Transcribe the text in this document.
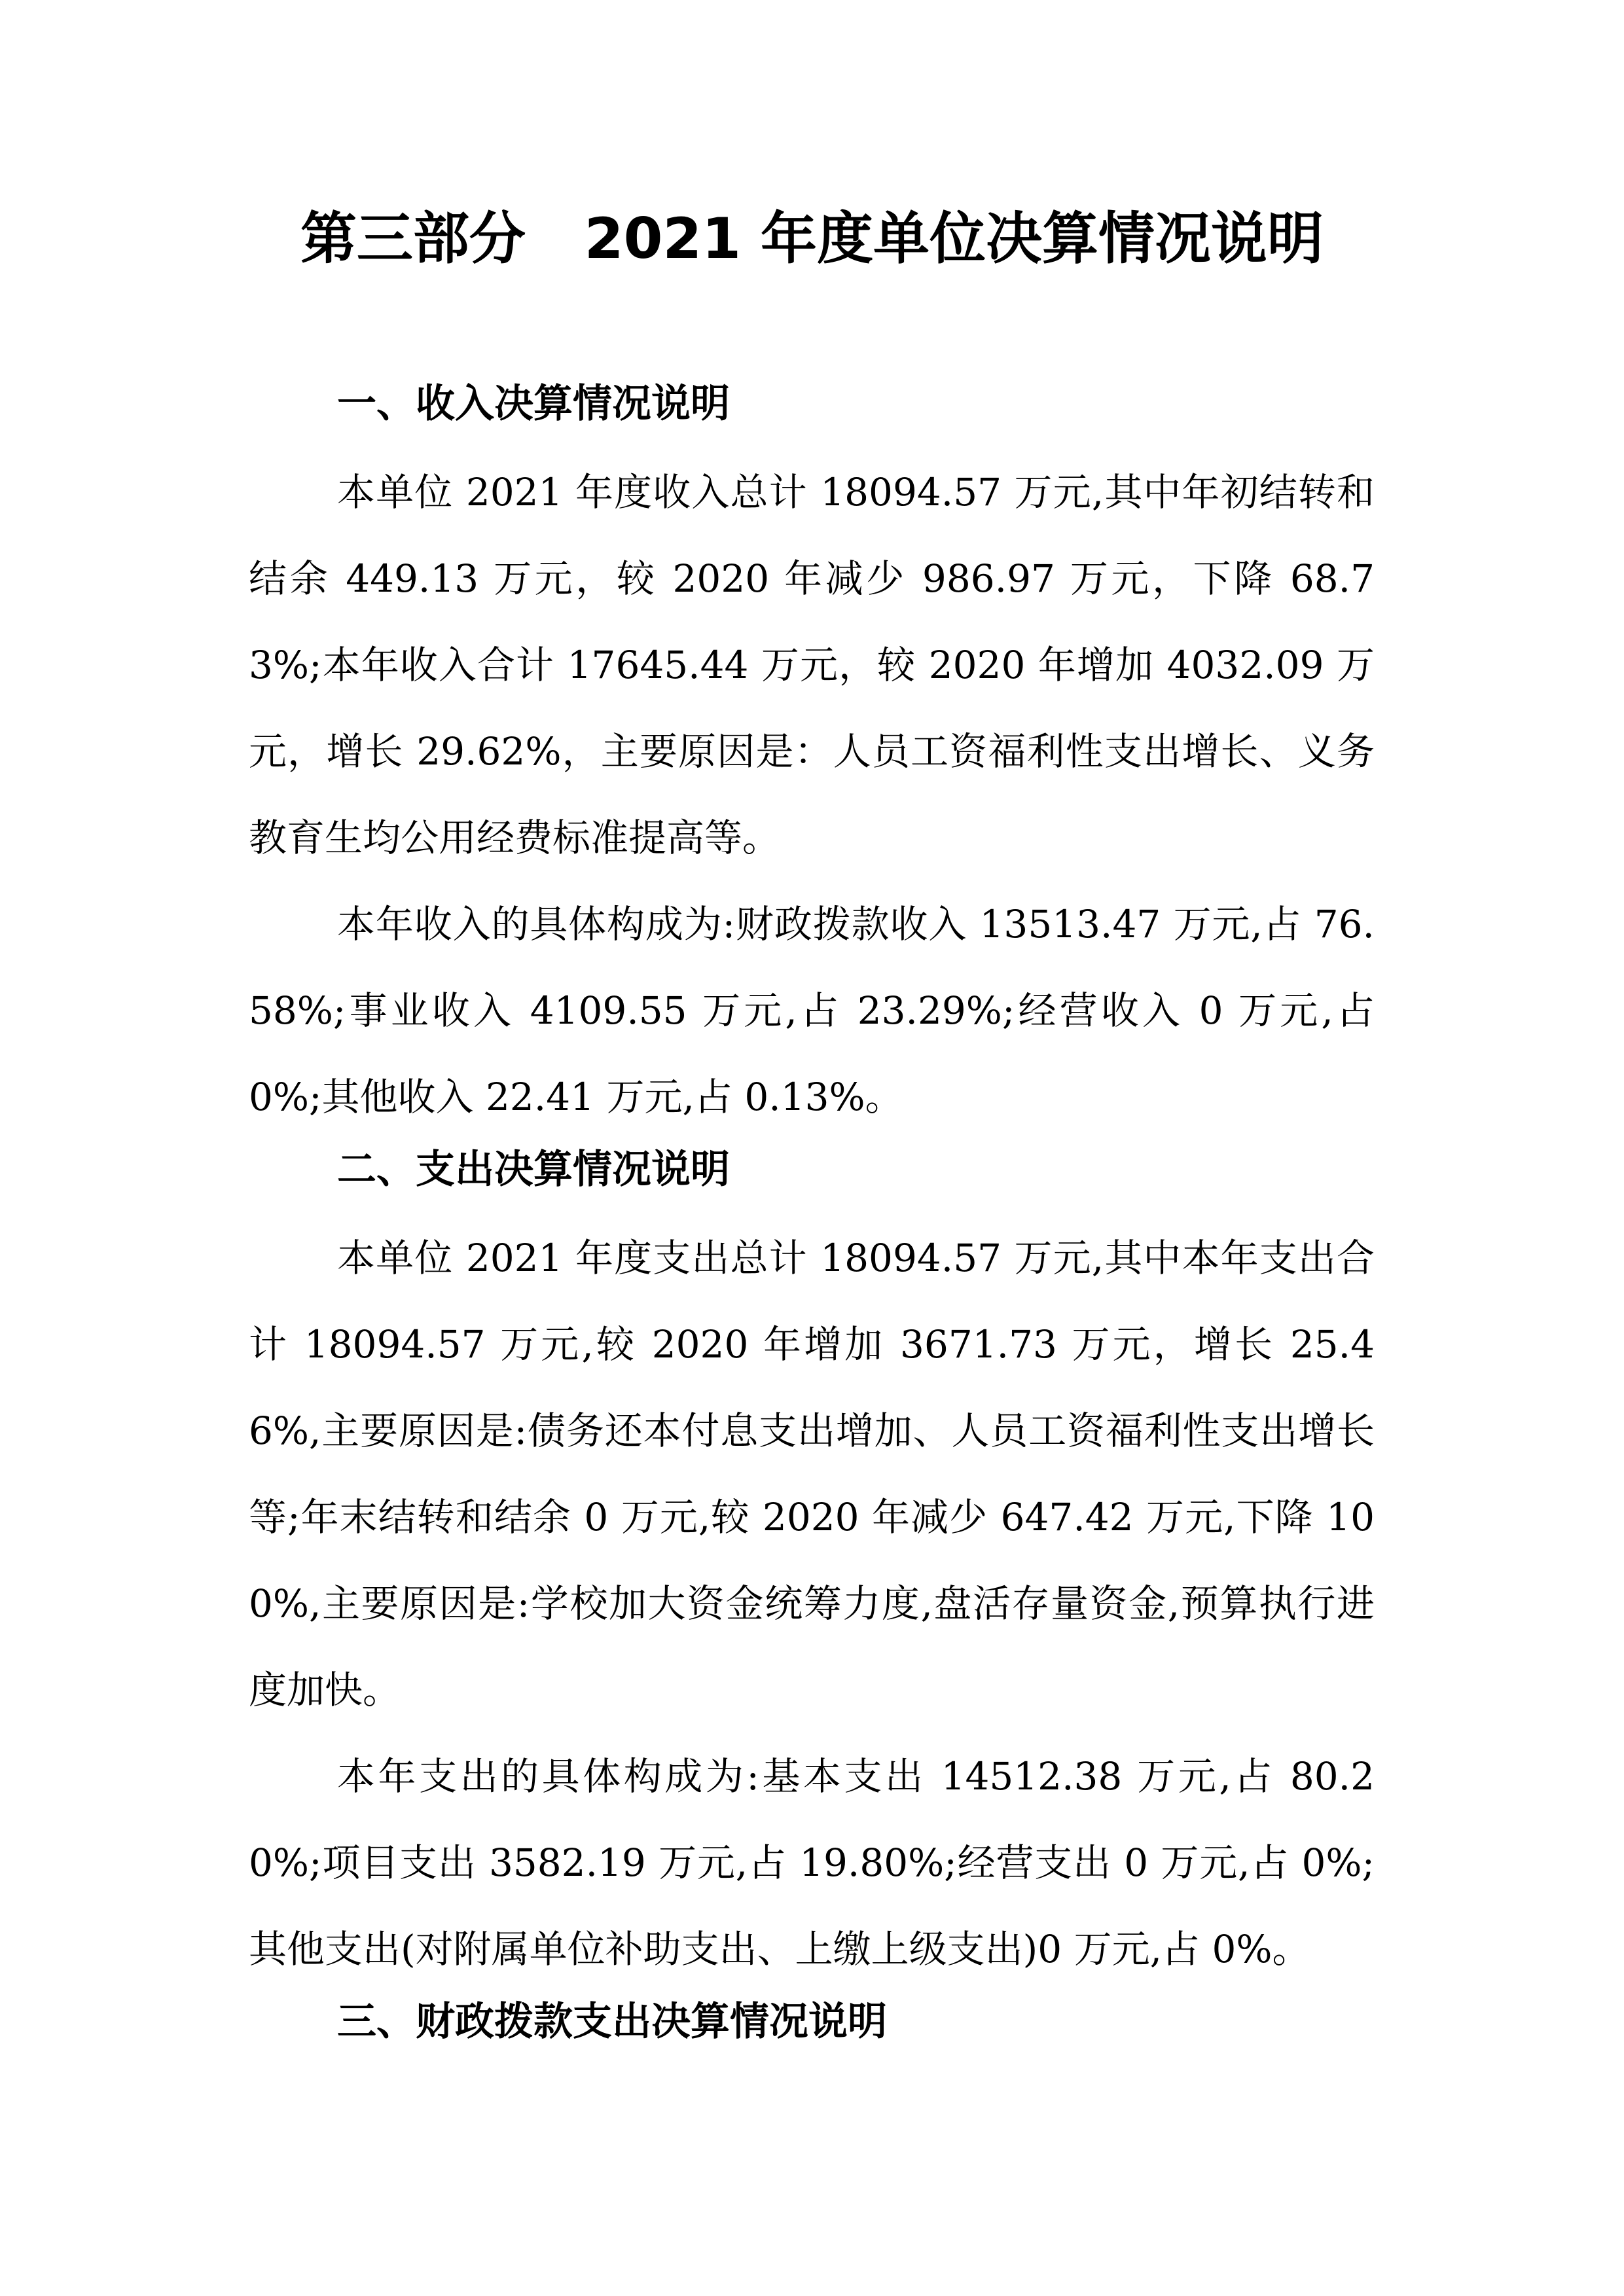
第三部分   2021 年度单位决算情况说明
一、收入决算情况说明

本单位 2021 年度收入总计 18094.57 万元,其中年初结转和结余 449.13 万元，较 2020 年减少 986.97 万元，下降 68.73%;本年收入合计 17645.44 万元，较 2020 年增加 4032.09 万元，增长 29.62%，主要原因是：人员工资福利性支出增长、义务教育生均公用经费标准提高等。

本年收入的具体构成为:财政拨款收入 13513.47 万元,占 76.58%;事业收入 4109.55 万元,占 23.29%;经营收入 0 万元,占 0%;其他收入 22.41 万元,占 0.13%。

二、支出决算情况说明

本单位 2021 年度支出总计 18094.57 万元,其中本年支出合计 18094.57 万元,较 2020 年增加 3671.73 万元，增长 25.46%,主要原因是:债务还本付息支出增加、人员工资福利性支出增长等;年末结转和结余 0 万元,较 2020 年减少 647.42 万元,下降 100%,主要原因是:学校加大资金统筹力度,盘活存量资金,预算执行进度加快。

本年支出的具体构成为:基本支出 14512.38 万元,占 80.20%;项目支出 3582.19 万元,占 19.80%;经营支出 0 万元,占 0%;其他支出(对附属单位补助支出、上缴上级支出)0 万元,占 0%。

三、财政拨款支出决算情况说明
